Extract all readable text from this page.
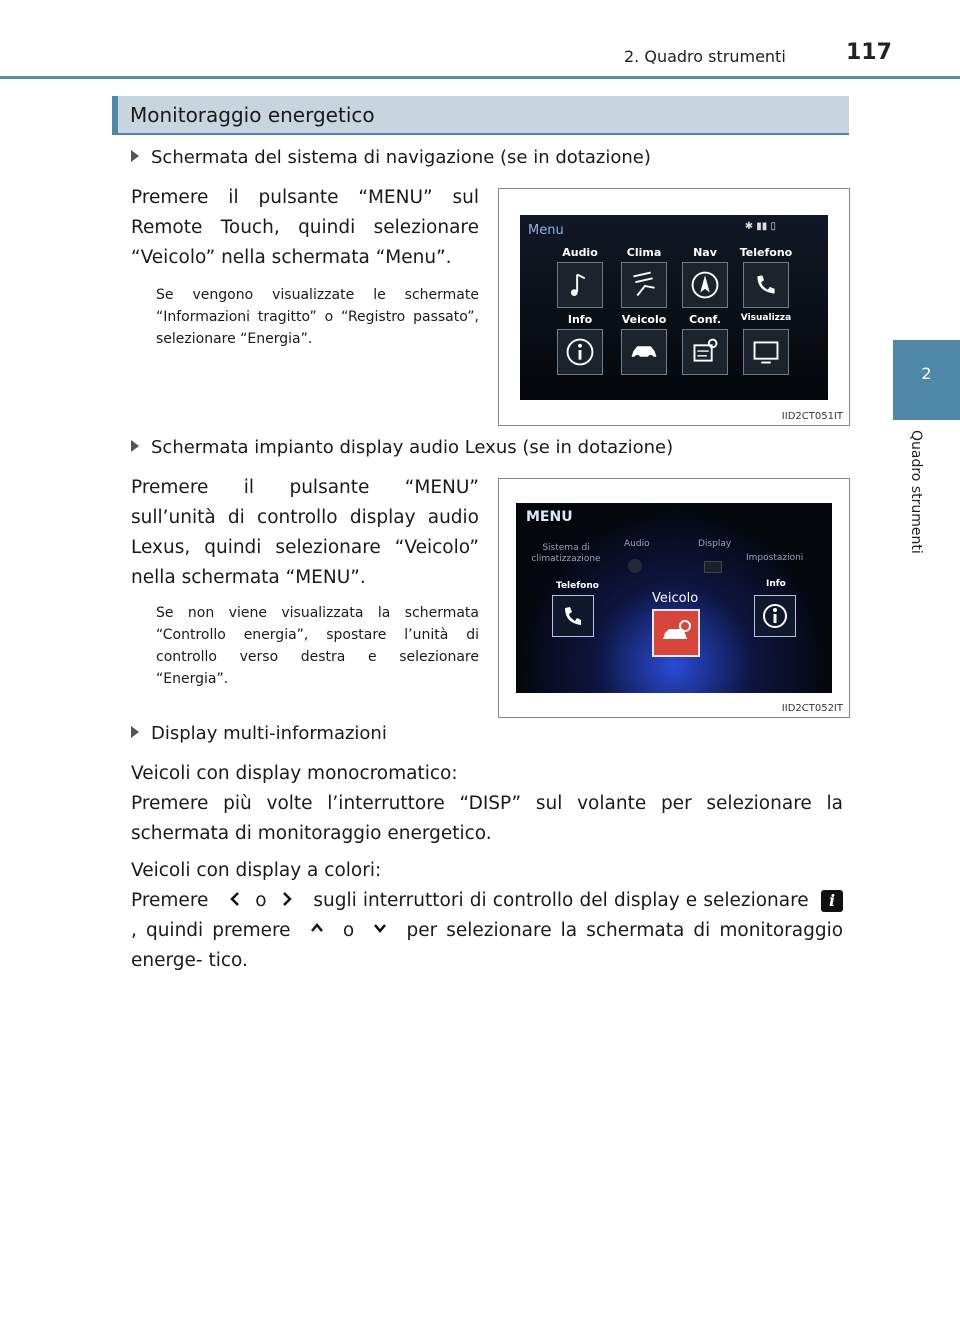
2. Quadro strumenti	117
2
Quadro strumenti
Monitoraggio energetico
Schermata del sistema di navigazione (se in dotazione)
Premere il pulsante “MENU” sul Remote Touch, quindi selezionare “Veicolo” nella schermata “Menu”.
Se vengono visualizzate le schermate “Informazioni tragitto” o “Registro passato”, selezionare “Energia”.
Menu	✱ ▮▮ ▯
Audio	Clima	Nav	Telefono
Info	Veicolo	Conf.	Visualizza
IID2CT051IT
Schermata impianto display audio Lexus (se in dotazione)
Premere il pulsante “MENU” sull’unità di controllo display audio Lexus, quindi selezionare “Veicolo” nella schermata “MENU”.
Se non viene visualizzata la schermata “Controllo energia”, spostare l’unità di controllo verso destra e selezionare “Energia”.
MENU
Sistema di climatizzazione
Audio	Display
Impostazioni
Telefono	Info
Veicolo
IID2CT052IT
Display multi-informazioni
Veicoli con display monocromatico:
Premere più volte l’interruttore “DISP” sul volante per selezionare la schermata di monitoraggio energetico.
Veicoli con display a colori:
Premere	o	sugli interruttori di controllo del display e selezionare i, quindi premere	o	per selezionare la schermata di monitoraggio energe- tico.
